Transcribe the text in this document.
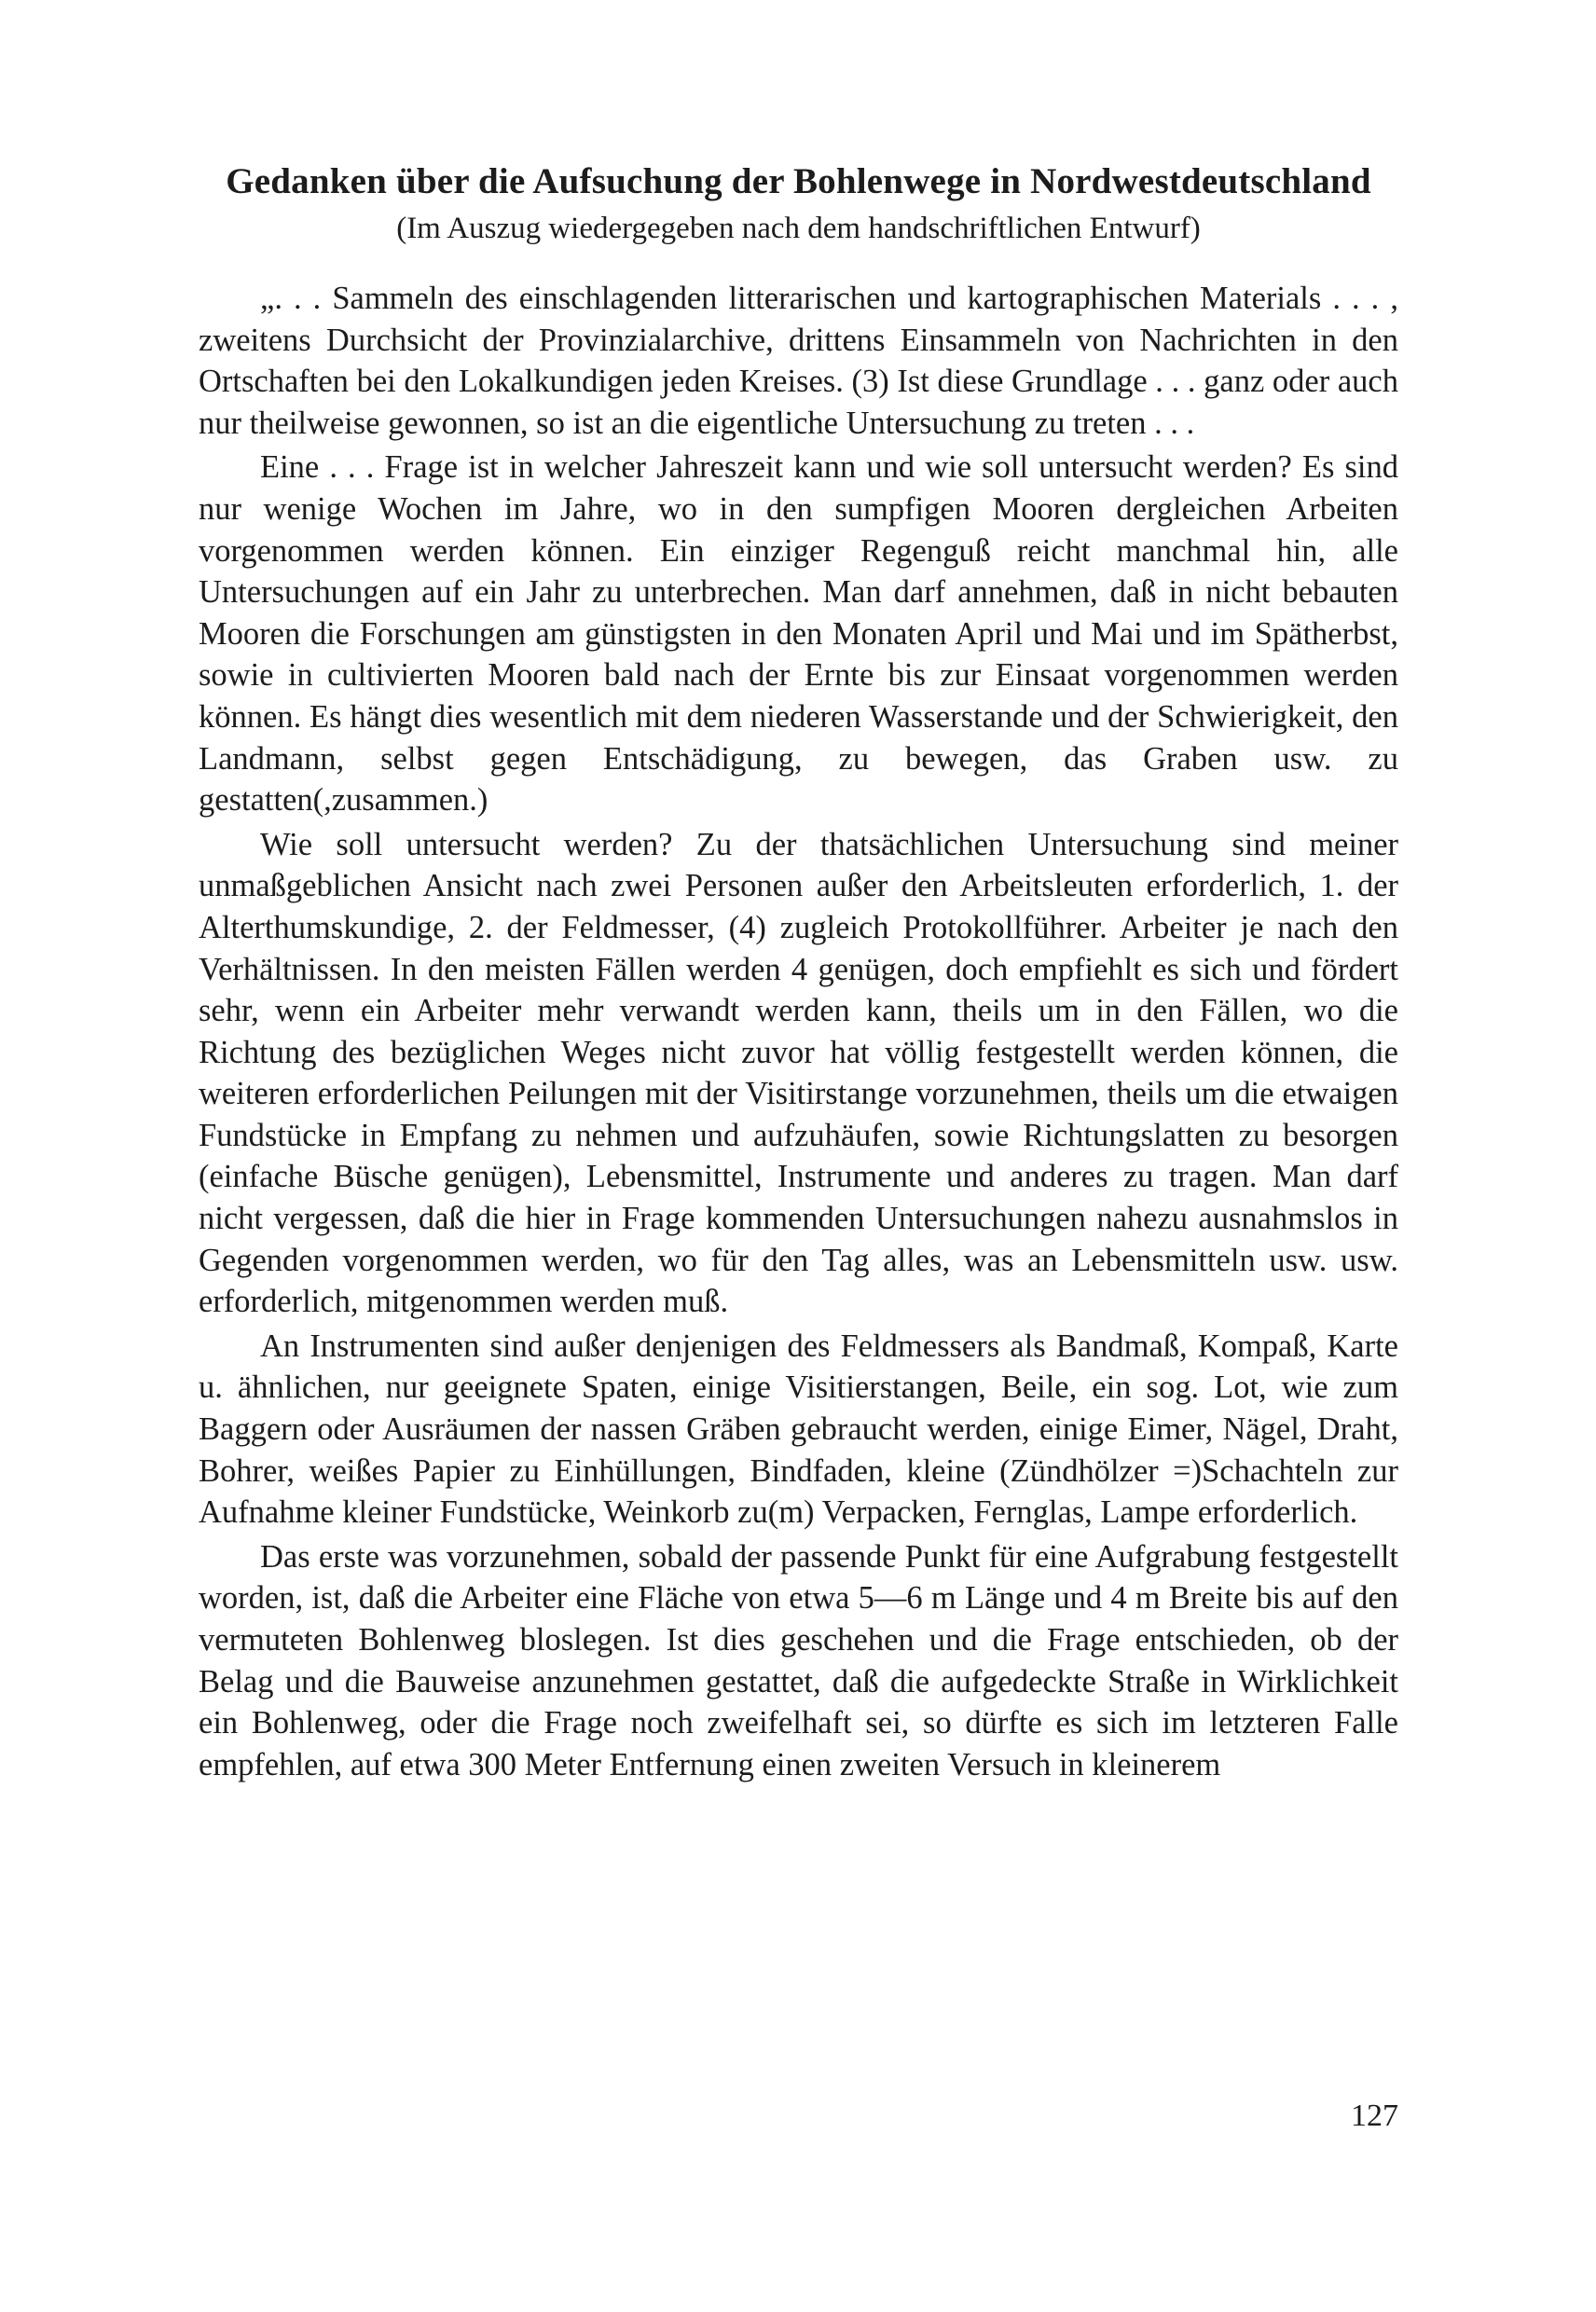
Gedanken über die Aufsuchung der Bohlenwege in Nordwestdeutschland
(Im Auszug wiedergegeben nach dem handschriftlichen Entwurf)

„. . . Sammeln des einschlagenden litterarischen und kartographischen Materials . . . , zweitens Durchsicht der Provinzialarchive, drittens Einsammeln von Nachrichten in den Ortschaften bei den Lokalkundigen jeden Kreises. (3) Ist diese Grundlage . . . ganz oder auch nur theilweise gewonnen, so ist an die eigentliche Untersuchung zu treten . . .

Eine . . . Frage ist in welcher Jahreszeit kann und wie soll untersucht werden? Es sind nur wenige Wochen im Jahre, wo in den sumpfigen Mooren dergleichen Arbeiten vorgenommen werden können. Ein einziger Regenguß reicht manchmal hin, alle Untersuchungen auf ein Jahr zu unterbrechen. Man darf annehmen, daß in nicht bebauten Mooren die Forschungen am günstigsten in den Monaten April und Mai und im Spätherbst, sowie in cultivierten Mooren bald nach der Ernte bis zur Einsaat vorgenommen werden können. Es hängt dies wesentlich mit dem niederen Wasserstande und der Schwierigkeit, den Landmann, selbst gegen Entschädigung, zu bewegen, das Graben usw. zu gestatten(,zusammen.)

Wie soll untersucht werden? Zu der thatsächlichen Untersuchung sind meiner unmaßgeblichen Ansicht nach zwei Personen außer den Arbeitsleuten erforderlich, 1. der Alterthumskundige, 2. der Feldmesser, (4) zugleich Protokollführer. Arbeiter je nach den Verhältnissen. In den meisten Fällen werden 4 genügen, doch empfiehlt es sich und fördert sehr, wenn ein Arbeiter mehr verwandt werden kann, theils um in den Fällen, wo die Richtung des bezüglichen Weges nicht zuvor hat völlig festgestellt werden können, die weiteren erforderlichen Peilungen mit der Visitirstange vorzunehmen, theils um die etwaigen Fundstücke in Empfang zu nehmen und aufzuhäufen, sowie Richtungslatten zu besorgen (einfache Büsche genügen), Lebensmittel, Instrumente und anderes zu tragen. Man darf nicht vergessen, daß die hier in Frage kommenden Untersuchungen nahezu ausnahmslos in Gegenden vorgenommen werden, wo für den Tag alles, was an Lebensmitteln usw. usw. erforderlich, mitgenommen werden muß.

An Instrumenten sind außer denjenigen des Feldmessers als Bandmaß, Kompaß, Karte u. ähnlichen, nur geeignete Spaten, einige Visitierstangen, Beile, ein sog. Lot, wie zum Baggern oder Ausräumen der nassen Gräben gebraucht werden, einige Eimer, Nägel, Draht, Bohrer, weißes Papier zu Einhüllungen, Bindfaden, kleine (Zündhölzer =)Schachteln zur Aufnahme kleiner Fundstücke, Weinkorb zu(m) Verpacken, Fernglas, Lampe erforderlich.

Das erste was vorzunehmen, sobald der passende Punkt für eine Aufgrabung festgestellt worden, ist, daß die Arbeiter eine Fläche von etwa 5—6 m Länge und 4 m Breite bis auf den vermuteten Bohlenweg bloslegen. Ist dies geschehen und die Frage entschieden, ob der Belag und die Bauweise anzunehmen gestattet, daß die aufgedeckte Straße in Wirklichkeit ein Bohlenweg, oder die Frage noch zweifelhaft sei, so dürfte es sich im letzteren Falle empfehlen, auf etwa 300 Meter Entfernung einen zweiten Versuch in kleinerem

127
